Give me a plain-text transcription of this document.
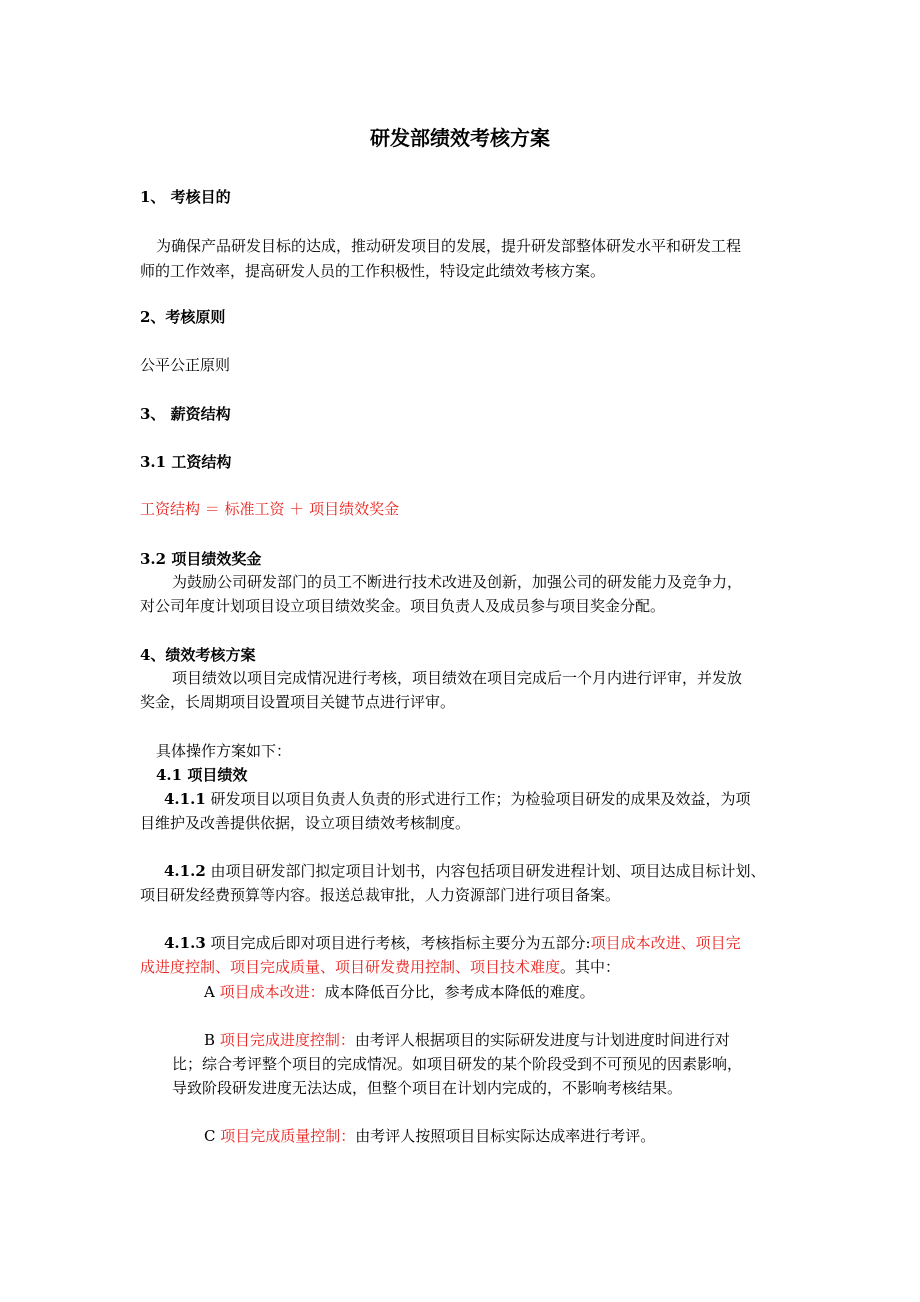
研发部绩效考核方案
1、 考核目的
为确保产品研发目标的达成，推动研发项目的发展，提升研发部整体研发水平和研发工程
师的工作效率，提高研发人员的工作积极性，特设定此绩效考核方案。
2、考核原则
公平公正原则
3、 薪资结构
3.1 工资结构
工资结构 ＝ 标准工资 ＋ 项目绩效奖金
3.2 项目绩效奖金
为鼓励公司研发部门的员工不断进行技术改进及创新，加强公司的研发能力及竞争力，
对公司年度计划项目设立项目绩效奖金。项目负责人及成员参与项目奖金分配。
4、绩效考核方案
项目绩效以项目完成情况进行考核，项目绩效在项目完成后一个月内进行评审，并发放
奖金，长周期项目设置项目关键节点进行评审。
具体操作方案如下：
4.1 项目绩效
4.1.1 研发项目以项目负责人负责的形式进行工作；为检验项目研发的成果及效益，为项
目维护及改善提供依据，设立项目绩效考核制度。
4.1.2 由项目研发部门拟定项目计划书，内容包括项目研发进程计划、项目达成目标计划、
项目研发经费预算等内容。报送总裁审批，人力资源部门进行项目备案。
4.1.3 项目完成后即对项目进行考核，考核指标主要分为五部分:项目成本改进、项目完
成进度控制、项目完成质量、项目研发费用控制、项目技术难度。其中：
A 项目成本改进：成本降低百分比，参考成本降低的难度。
B 项目完成进度控制：由考评人根据项目的实际研发进度与计划进度时间进行对
比；综合考评整个项目的完成情况。如项目研发的某个阶段受到不可预见的因素影响，
导致阶段研发进度无法达成，但整个项目在计划内完成的，不影响考核结果。
C 项目完成质量控制：由考评人按照项目目标实际达成率进行考评。
